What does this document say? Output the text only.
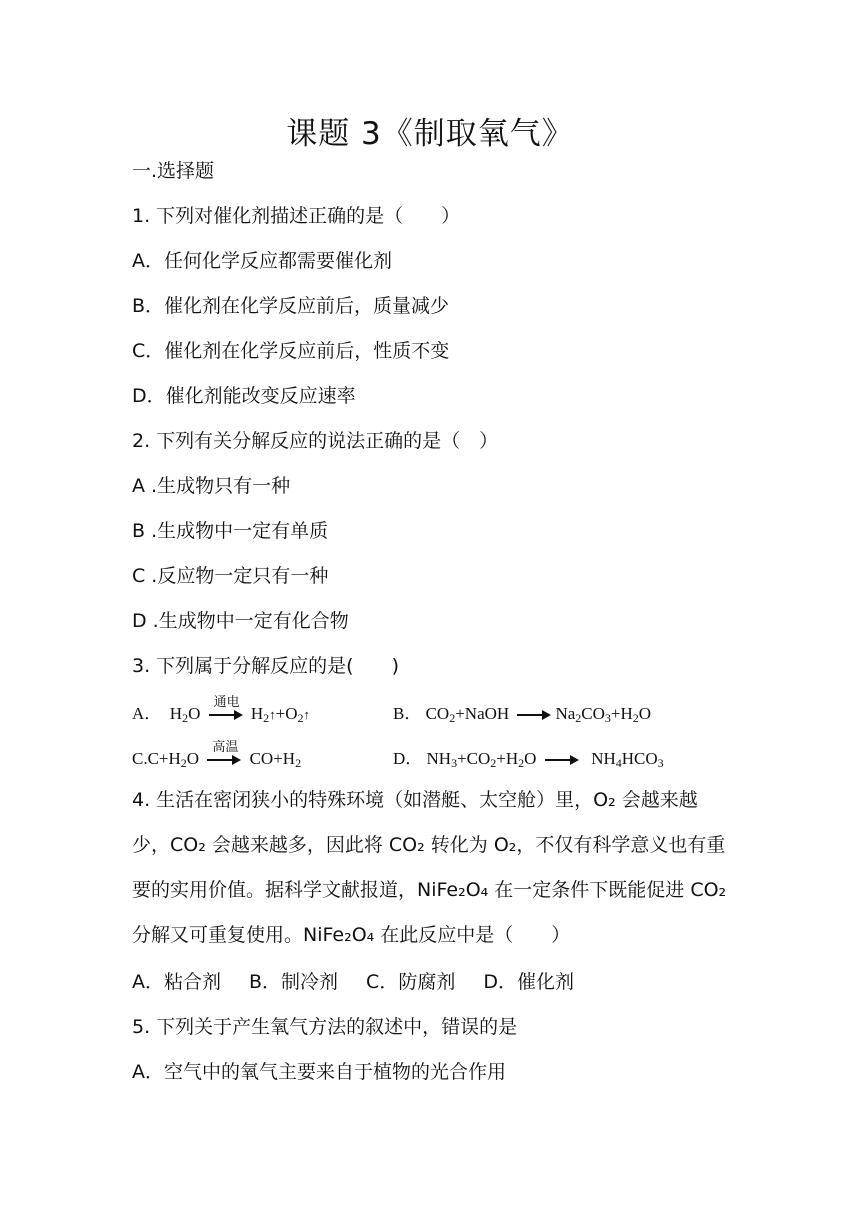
课题 3《制取氧气》
一.选择题
1. 下列对催化剂描述正确的是（　　）
A．任何化学反应都需要催化剂
B．催化剂在化学反应前后，质量减少
C．催化剂在化学反应前后，性质不变
D．催化剂能改变反应速率
2. 下列有关分解反应的说法正确的是（　）
A .生成物只有一种
B .生成物中一定有单质
C .反应物一定只有一种
D .生成物中一定有化合物
3. 下列属于分解反应的是(　　)
A．  H2O
通电
H2↑+O2↑	B． CO2+NaOH
Na2CO3+H2O
C.C+H2O
高温
CO+H2	D． NH3+CO2+H2O
NH4HCO3
4. 生活在密闭狭小的特殊环境（如潜艇、太空舱）里，O₂ 会越来越
少，CO₂ 会越来越多，因此将 CO₂ 转化为 O₂，不仅有科学意义也有重
要的实用价值。据科学文献报道，NiFe₂O₄ 在一定条件下既能促进 CO₂
分解又可重复使用。NiFe₂O₄ 在此反应中是（　　）
A．粘合剂 B．制冷剂 C．防腐剂 D．催化剂
5. 下列关于产生氧气方法的叙述中，错误的是
A．空气中的氧气主要来自于植物的光合作用
